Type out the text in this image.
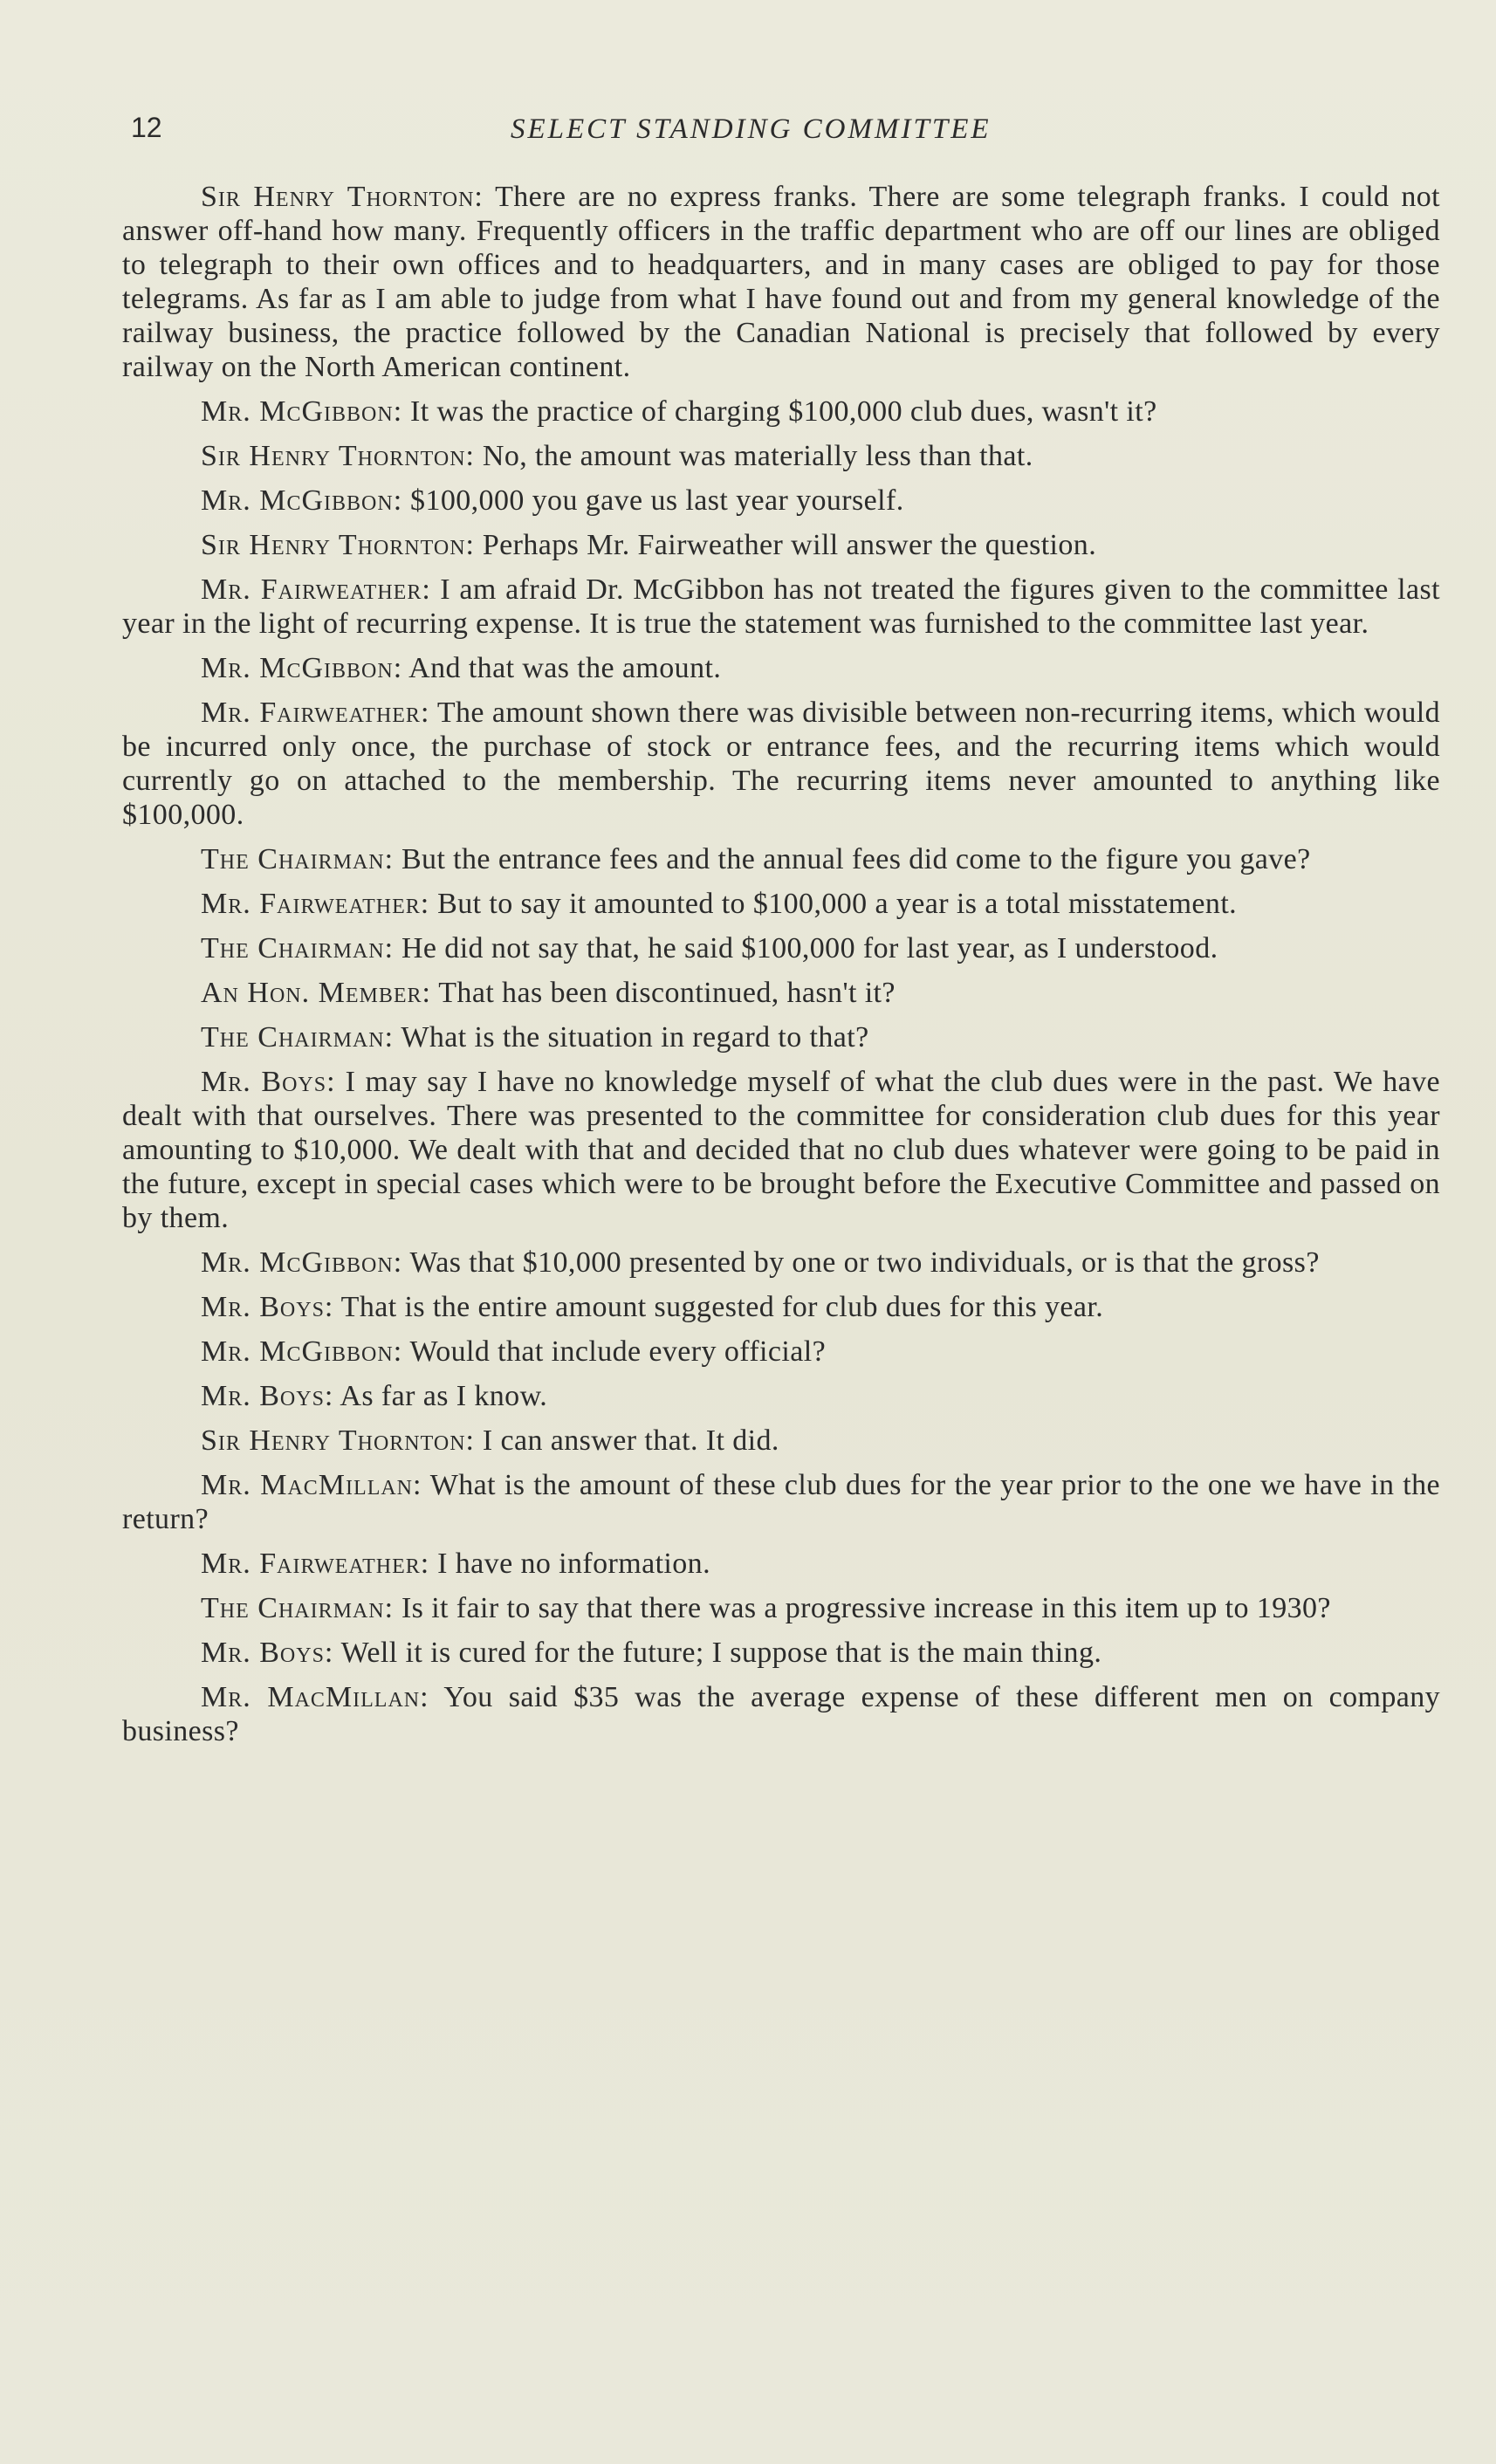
12	SELECT STANDING COMMITTEE

Sir Henry Thornton: There are no express franks. There are some telegraph franks. I could not answer off-hand how many. Frequently officers in the traffic department who are off our lines are obliged to telegraph to their own offices and to headquarters, and in many cases are obliged to pay for those telegrams. As far as I am able to judge from what I have found out and from my general knowledge of the railway business, the practice followed by the Canadian National is precisely that followed by every railway on the North American continent.

Mr. McGibbon: It was the practice of charging $100,000 club dues, wasn't it?

Sir Henry Thornton: No, the amount was materially less than that.

Mr. McGibbon: $100,000 you gave us last year yourself.

Sir Henry Thornton: Perhaps Mr. Fairweather will answer the question.

Mr. Fairweather: I am afraid Dr. McGibbon has not treated the figures given to the committee last year in the light of recurring expense. It is true the statement was furnished to the committee last year.

Mr. McGibbon: And that was the amount.

Mr. Fairweather: The amount shown there was divisible between non-recurring items, which would be incurred only once, the purchase of stock or entrance fees, and the recurring items which would currently go on attached to the membership. The recurring items never amounted to anything like $100,000.

The Chairman: But the entrance fees and the annual fees did come to the figure you gave?

Mr. Fairweather: But to say it amounted to $100,000 a year is a total misstatement.

The Chairman: He did not say that, he said $100,000 for last year, as I understood.

An Hon. Member: That has been discontinued, hasn't it?

The Chairman: What is the situation in regard to that?

Mr. Boys: I may say I have no knowledge myself of what the club dues were in the past. We have dealt with that ourselves. There was presented to the committee for consideration club dues for this year amounting to $10,000. We dealt with that and decided that no club dues whatever were going to be paid in the future, except in special cases which were to be brought before the Executive Committee and passed on by them.

Mr. McGibbon: Was that $10,000 presented by one or two individuals, or is that the gross?

Mr. Boys: That is the entire amount suggested for club dues for this year.

Mr. McGibbon: Would that include every official?

Mr. Boys: As far as I know.

Sir Henry Thornton: I can answer that. It did.

Mr. MacMillan: What is the amount of these club dues for the year prior to the one we have in the return?

Mr. Fairweather: I have no information.

The Chairman: Is it fair to say that there was a progressive increase in this item up to 1930?

Mr. Boys: Well it is cured for the future; I suppose that is the main thing.

Mr. MacMillan: You said $35 was the average expense of these different men on company business?
